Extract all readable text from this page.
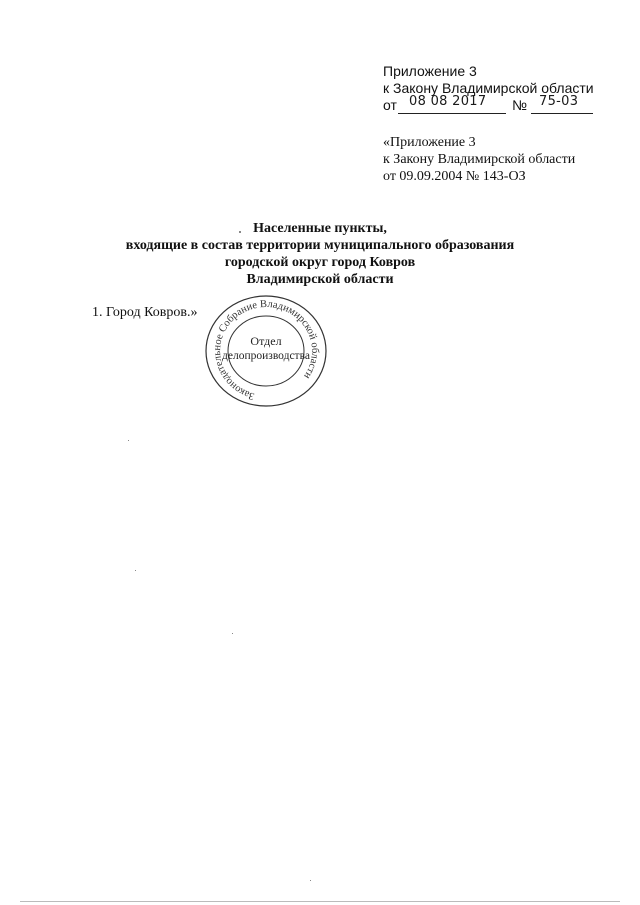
Приложение 3
к Закону Владимирской области
от 08 08 2017 № 75-03
«Приложение 3
к Закону Владимирской области
от 09.09.2004 № 143-ОЗ
Населенные пункты,
входящие в состав территории муниципального образования
городской округ город Ковров
Владимирской области
1. Город Ковров.»
Законодательное Собрание Владимирской области
Отдел
делопроизводства
